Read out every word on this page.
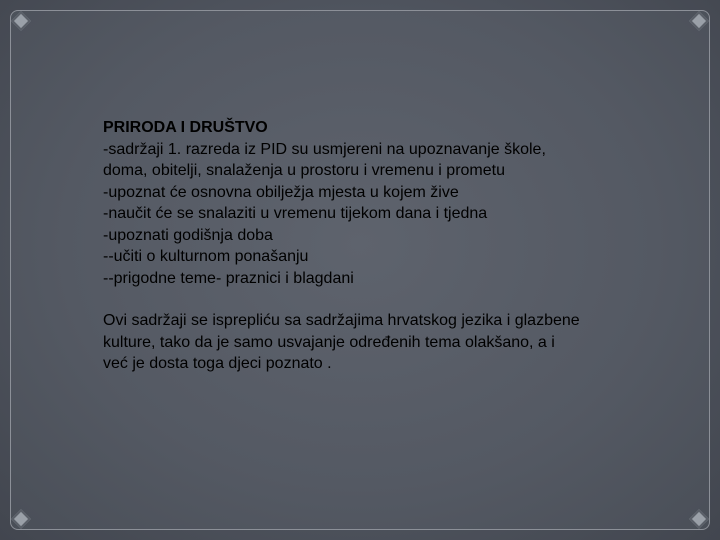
PRIRODA I DRUŠTVO

-sadržaji 1. razreda iz PID su usmjereni na upoznavanje škole, doma, obitelji, snalaženja u prostoru i vremenu i prometu

-upoznat će osnovna obilježja mjesta u kojem žive

-naučit će se snalaziti u vremenu tijekom dana i tjedna

-upoznati godišnja doba

--učiti o kulturnom ponašanju

--prigodne teme- praznici i blagdani

Ovi sadržaji se isprepliću sa sadržajima hrvatskog jezika i glazbene kulture, tako da je samo usvajanje određenih tema olakšano, a i već je dosta toga djeci poznato .
